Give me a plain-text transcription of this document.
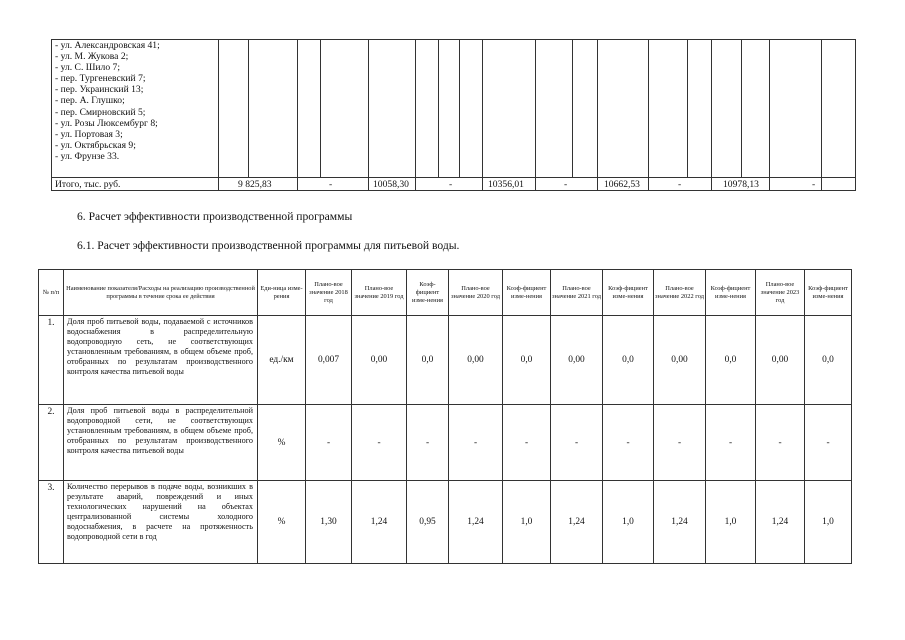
- ул. Александровская 41;
- ул. М. Жукова 2;
- ул. С. Шило 7;
- пер. Тургеневский 7;
- пер. Украинский 13;
- пер. А. Глушко;
- пер. Смирновский 5;
- ул. Розы Люксембург 8;
- ул. Портовая 3;
- ул. Октябрьская 9;
- ул. Фрунзе 33.
Итого, тыс. руб.	9 825,83	-	10058,30	-	10356,01	-	10662,53	-	10978,13	-
6. Расчет эффективности производственной программы
6.1. Расчет эффективности производственной программы для питьевой воды.
№ п/п	Наименование показателя/Расходы на реализацию производственной программы в течение срока ее действия	Еди-ница изме-рения	Плано-вое значение 2018 год	Плано-вое значение 2019 год	Коэф-фициент изме-нения	Плано-вое значение 2020 год	Коэф-фициент изме-нения	Плано-вое значение 2021 год	Коэф-фициент изме-нения	Плано-вое значение 2022 год	Коэф-фициент изме-нения	Плано-вое значение 2023 год	Коэф-фициент изме-нения
1.	Доля проб питьевой воды, подаваемой с источников водоснабжения в распределительную водопроводную сеть, не соответствующих установленным требованиям, в общем объеме проб, отобранных по результатам производственного контроля качества питьевой воды	ед./км	0,007	0,00	0,0	0,00	0,0	0,00	0,0	0,00	0,0	0,00	0,0
2.	Доля проб питьевой воды в распределительной водопроводной сети, не соответствующих установленным требованиям, в общем объеме проб, отобранных по результатам производственного контроля качества питьевой воды	%	-	-	-	-	-	-	-	-	-	-	-
3.	Количество перерывов в подаче воды, возникших в результате аварий, повреждений и иных технологических нарушений на объектах централизованной системы холодного водоснабжения, в расчете на протяженность водопроводной сети в год	%	1,30	1,24	0,95	1,24	1,0	1,24	1,0	1,24	1,0	1,24	1,0
